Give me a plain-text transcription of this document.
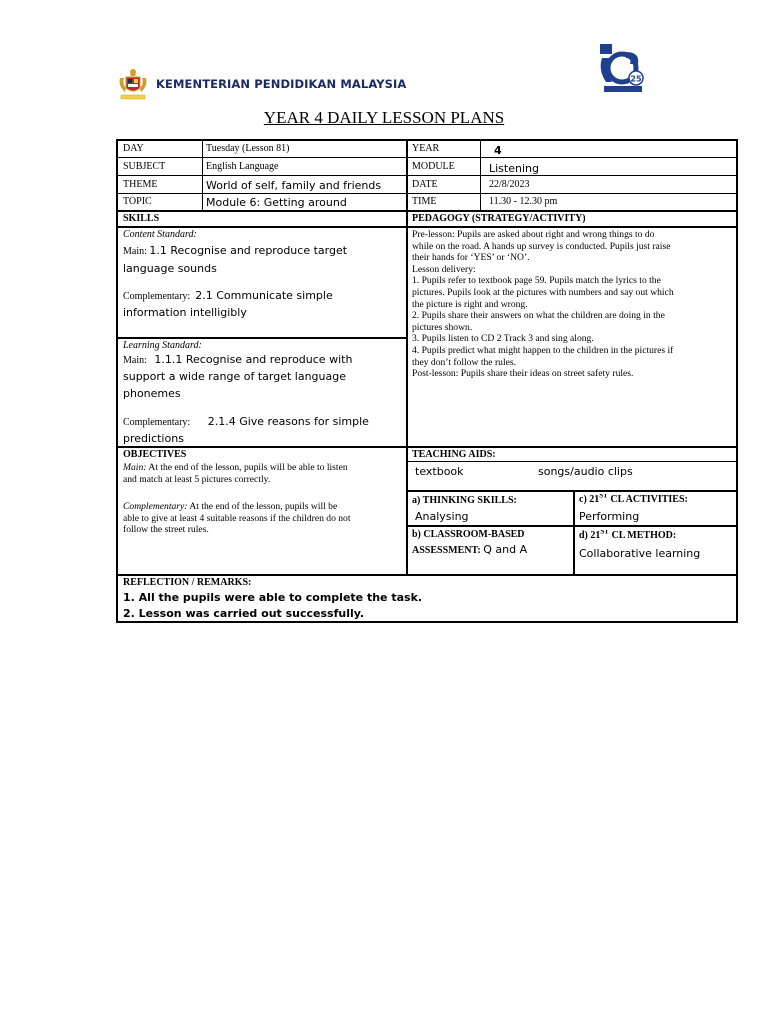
KEMENTERIAN PENDIDIKAN MALAYSIA	25
YEAR 4 DAILY LESSON PLANS
DAY	Tuesday (Lesson 81)	YEAR	4
SUBJECT	English Language	MODULE	Listening
THEME	World of self, family and friends	DATE	22/8/2023
TOPIC	Module 6: Getting around	TIME	11.30 - 12.30 pm
SKILLS	PEDAGOGY (STRATEGY/ACTIVITY)
Content Standard:
Main: 1.1 Recognise and reproduce target
language sounds
Complementary: 2.1 Communicate simple
information intelligibly
Learning Standard:
Main: 1.1.1 Recognise and reproduce with
support a wide range of target language
phonemes
Complementary: 2.1.4 Give reasons for simple
predictions
Pre-lesson: Pupils are asked about right and wrong things to do
while on the road. A hands up survey is conducted. Pupils just raise
their hands for ‘YES’ or ‘NO’.
Lesson delivery:
1. Pupils refer to textbook page 59. Pupils match the lyrics to the
pictures. Pupils look at the pictures with numbers and say out which
the picture is right and wrong.
2. Pupils share their answers on what the children are doing in the
pictures shown.
3. Pupils listen to CD 2 Track 3 and sing along.
4. Pupils predict what might happen to the children in the pictures if
they don’t follow the rules.
Post-lesson: Pupils share their ideas on street safety rules.
OBJECTIVES
Main: At the end of the lesson, pupils will be able to listen
and match at least 5 pictures correctly.
Complementary: At the end of the lesson, pupils will be
able to give at least 4 suitable reasons if the children do not
follow the street rules.
TEACHING AIDS:
textbook	songs/audio clips
a) THINKING SKILLS:
Analysing
c) 21ST CL ACTIVITIES:
Performing
b) CLASSROOM-BASED
ASSESSMENT: Q and A
d) 21ST CL METHOD:
Collaborative learning
REFLECTION / REMARKS:
1. All the pupils were able to complete the task.
2. Lesson was carried out successfully.
